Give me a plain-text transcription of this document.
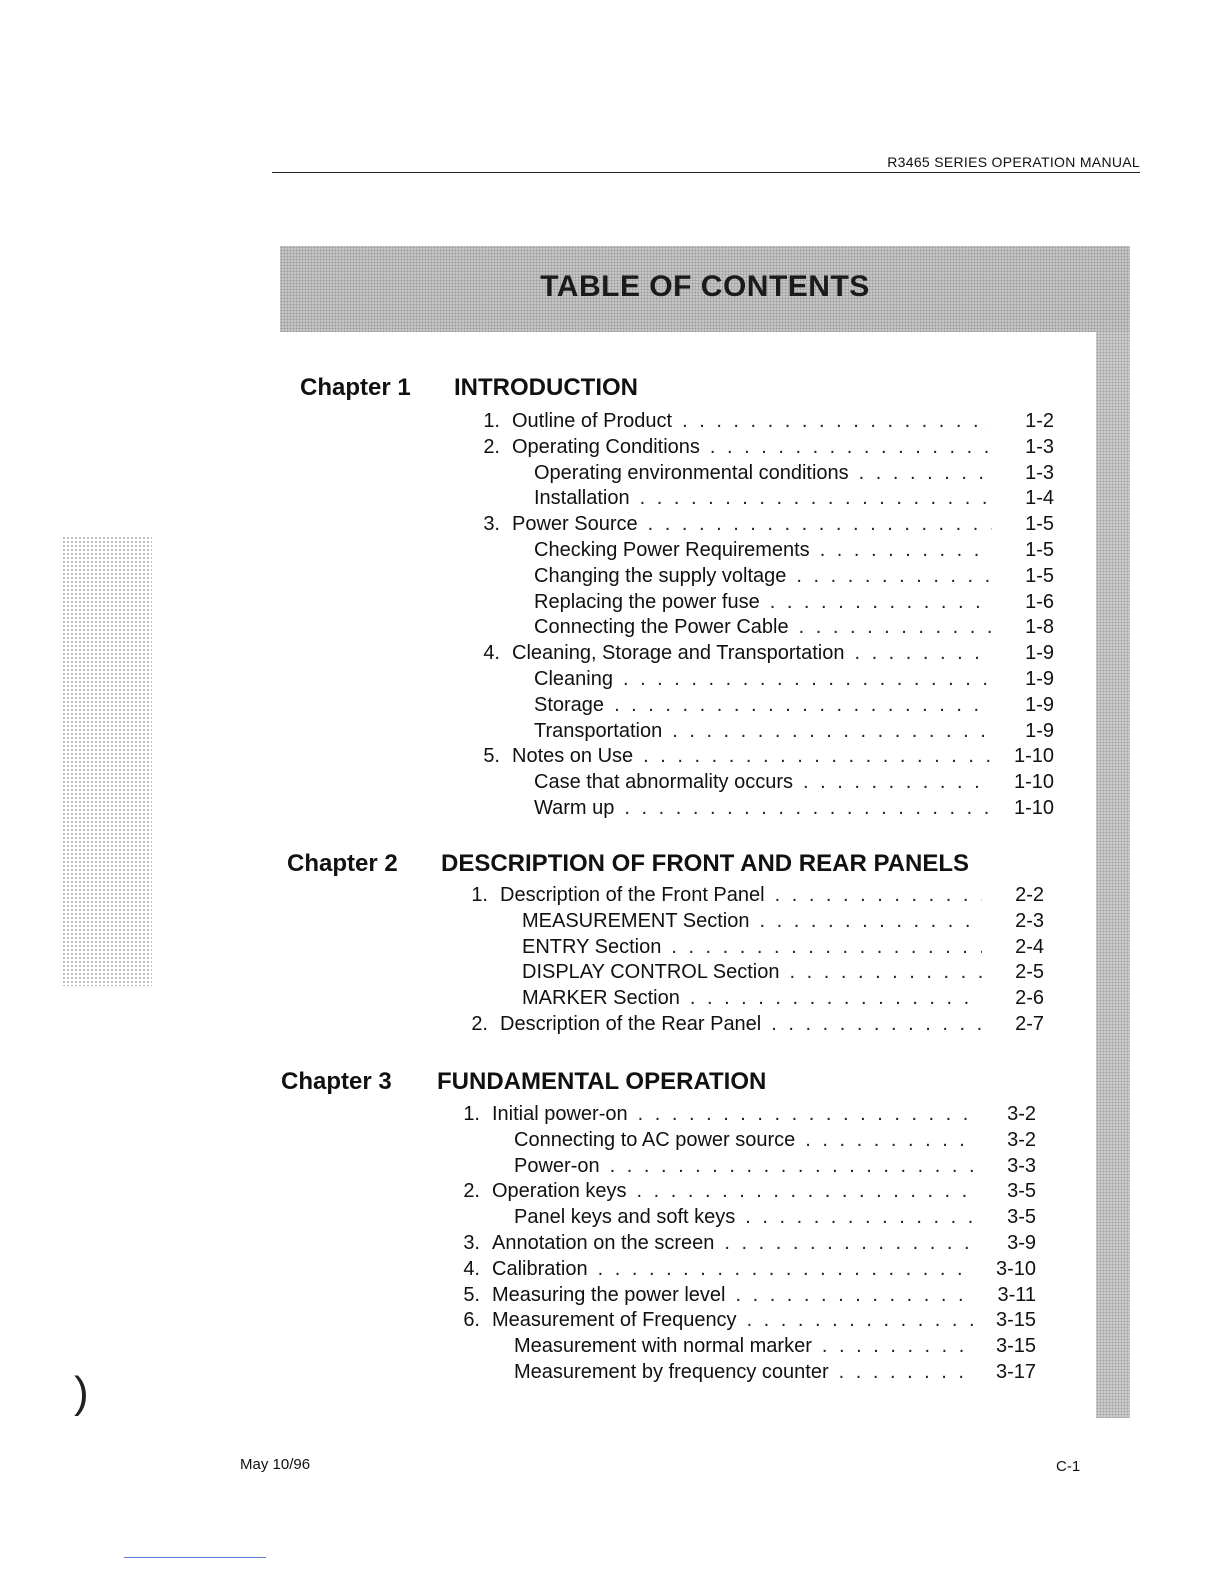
)
R3465 SERIES OPERATION MANUAL
TABLE OF CONTENTS
Chapter 1 INTRODUCTION
Chapter 2 DESCRIPTION OF FRONT AND REAR PANELS
Chapter 3 FUNDAMENTAL OPERATION
1. Outline of Product . . .	1-2
2. Operating Conditions . . .	1-3
Operating environmental conditions . . .	1-3
Installation . . .	1-4
3. Power Source . . .	1-5
Checking Power Requirements . . .	1-5
Changing the supply voltage . . .	1-5
Replacing the power fuse . . .	1-6
Connecting the Power Cable . . .	1-8
4. Cleaning, Storage and Transportation . . .	1-9
Cleaning . . .	1-9
Storage . . .	1-9
Transportation . . .	1-9
5. Notes on Use . . .	1-10
Case that abnormality occurs . . .	1-10
Warm up . . .	1-10
1. Description of the Front Panel . . .	2-2
MEASUREMENT Section . . .	2-3
ENTRY Section . . .	2-4
DISPLAY CONTROL Section . . .	2-5
MARKER Section . . .	2-6
2. Description of the Rear Panel . . .	2-7
1. Initial power-on . . .	3-2
Connecting to AC power source . . .	3-2
Power-on . . .	3-3
2. Operation keys . . .	3-5
Panel keys and soft keys . . .	3-5
3. Annotation on the screen . . .	3-9
4. Calibration . . .	3-10
5. Measuring the power level . . .	3-11
6. Measurement of Frequency . . .	3-15
Measurement with normal marker . . .	3-15
Measurement by frequency counter . . .	3-17
May 10/96	C-1
